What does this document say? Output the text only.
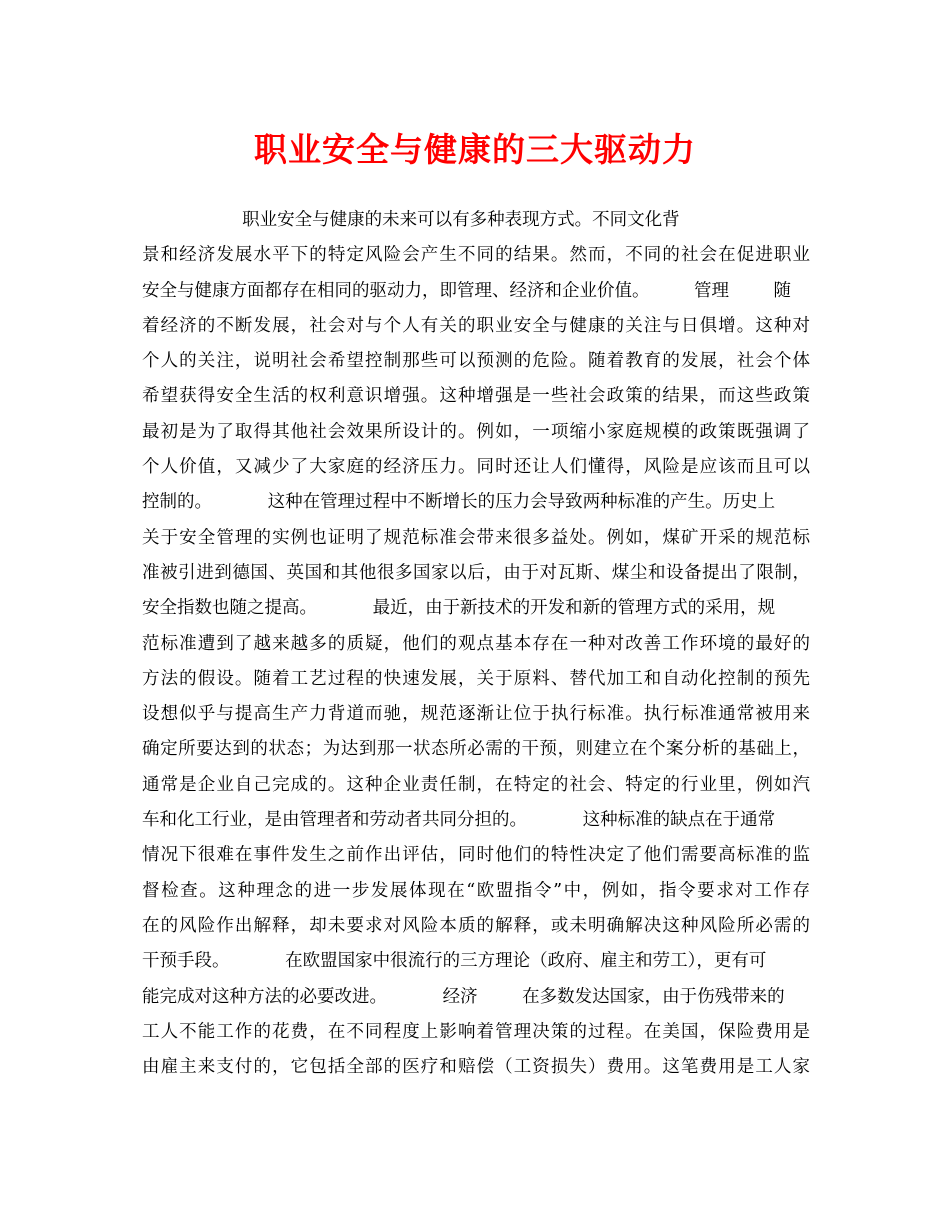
职业安全与健康的三大驱动力
职业安全与健康的未来可以有多种表现方式。不同文化背
景和经济发展水平下的特定风险会产生不同的结果。然而，不同的社会在促进职业
安全与健康方面都存在相同的驱动力，即管理、经济和企业价值。        管理        随
着经济的不断发展，社会对与个人有关的职业安全与健康的关注与日俱增。这种对
个人的关注，说明社会希望控制那些可以预测的危险。随着教育的发展，社会个体
希望获得安全生活的权利意识增强。这种增强是一些社会政策的结果，而这些政策
最初是为了取得其他社会效果所设计的。例如，一项缩小家庭规模的政策既强调了
个人价值，又减少了大家庭的经济压力。同时还让人们懂得，风险是应该而且可以
控制的。          这种在管理过程中不断增长的压力会导致两种标准的产生。历史上
关于安全管理的实例也证明了规范标准会带来很多益处。例如，煤矿开采的规范标
准被引进到德国、英国和其他很多国家以后，由于对瓦斯、煤尘和设备提出了限制，
安全指数也随之提高。          最近，由于新技术的开发和新的管理方式的采用，规
范标准遭到了越来越多的质疑，他们的观点基本存在一种对改善工作环境的最好的
方法的假设。随着工艺过程的快速发展，关于原料、替代加工和自动化控制的预先
设想似乎与提高生产力背道而驰，规范逐渐让位于执行标准。执行标准通常被用来
确定所要达到的状态；为达到那一状态所必需的干预，则建立在个案分析的基础上，
通常是企业自己完成的。这种企业责任制，在特定的社会、特定的行业里，例如汽
车和化工行业，是由管理者和劳动者共同分担的。          这种标准的缺点在于通常
情况下很难在事件发生之前作出评估，同时他们的特性决定了他们需要高标准的监
督检查。这种理念的进一步发展体现在“欧盟指令”中，例如，指令要求对工作存
在的风险作出解释，却未要求对风险本质的解释，或未明确解决这种风险所必需的
干预手段。          在欧盟国家中很流行的三方理论（政府、雇主和劳工），更有可
能完成对这种方法的必要改进。          经济        在多数发达国家，由于伤残带来的
工人不能工作的花费，在不同程度上影响着管理决策的过程。在美国，保险费用是
由雇主来支付的，它包括全部的医疗和赔偿（工资损失）费用。这笔费用是工人家
